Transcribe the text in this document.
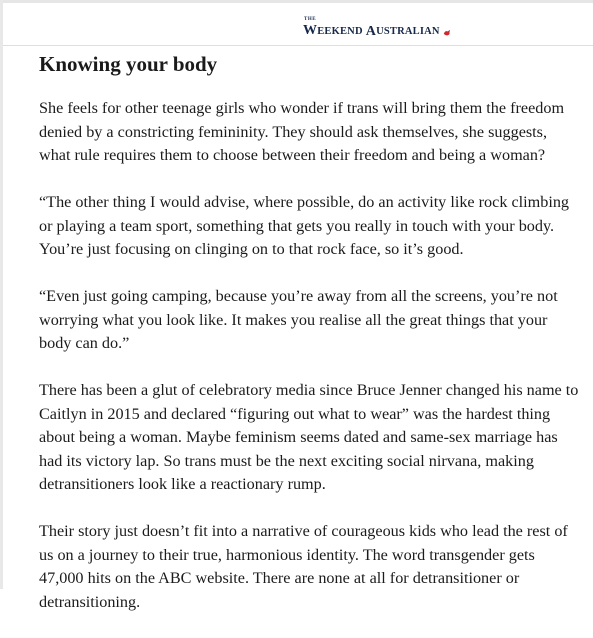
THE
W EEKEND A USTRALIAN
Knowing your body

She feels for other teenage girls who wonder if trans will bring them the freedom denied by a constricting femininity. They should ask themselves, she suggests, what rule requires them to choose between their freedom and being a woman?

“The other thing I would advise, where possible, do an activity like rock climbing or playing a team sport, something that gets you really in touch with your body. You’re just focusing on clinging on to that rock face, so it’s good.

“Even just going camping, because you’re away from all the screens, you’re not worrying what you look like. It makes you realise all the great things that your body can do.”

There has been a glut of celebratory media since Bruce Jenner changed his name to Caitlyn in 2015 and declared “figuring out what to wear” was the hardest thing about being a woman. Maybe feminism seems dated and same-sex marriage has had its victory lap. So trans must be the next exciting social nirvana, making detransitioners look like a reactionary rump.

Their story just doesn’t fit into a narrative of courageous kids who lead the rest of us on a journey to their true, harmonious identity. The word transgender gets 47,000 hits on the ABC website. There are none at all for detransitioner or detransitioning.
